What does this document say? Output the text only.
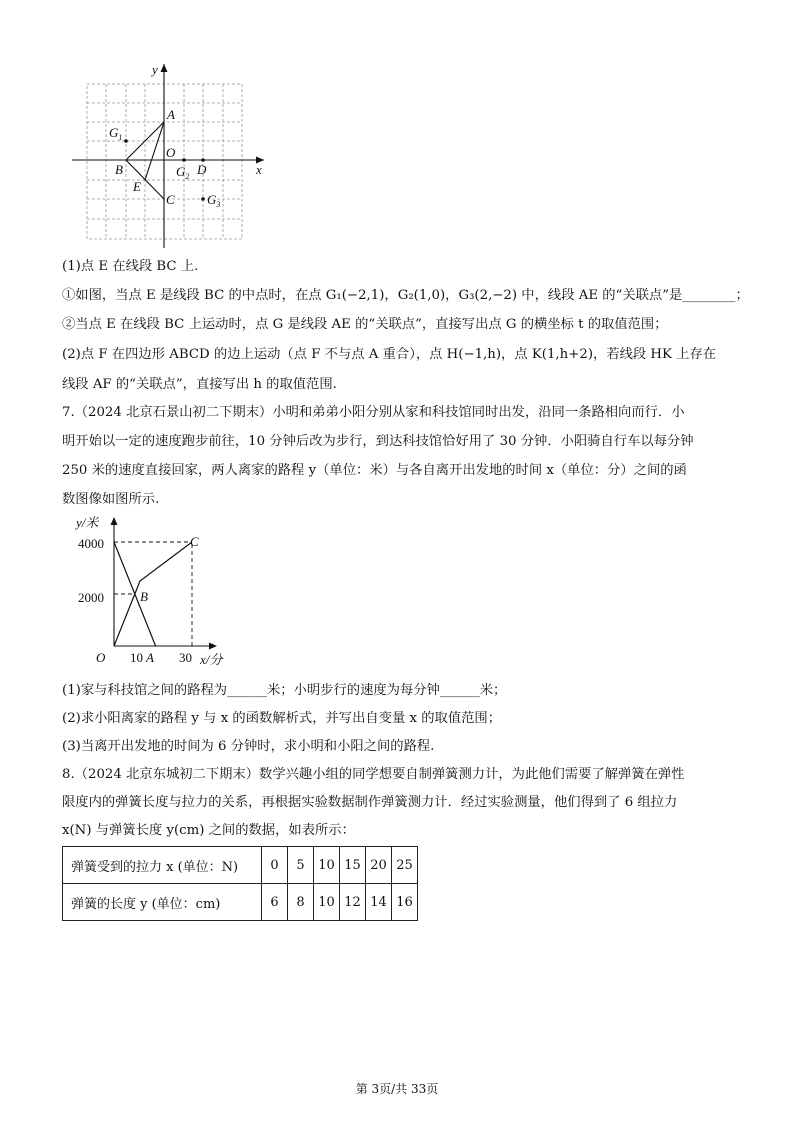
y
x
A
O
B
E
C
D
$G_1$
$G_2$
$G_3$
(1)点 E 在线段 BC 上.
①如图，当点 E 是线段 BC 的中点时，在点 G₁(−2,1)，G₂(1,0)，G₃(2,−2) 中，线段 AE 的“关联点”是________；
②当点 E 在线段 BC 上运动时，点 G 是线段 AE 的“关联点”，直接写出点 G 的横坐标 t 的取值范围；
(2)点 F 在四边形 ABCD 的边上运动（点 F 不与点 A 重合），点 H(−1,h)，点 K(1,h+2)，若线段 HK 上存在
线段 AF 的“关联点”，直接写出 h 的取值范围.
7.（2024 北京石景山初二下期末）小明和弟弟小阳分别从家和科技馆同时出发，沿同一条路相向而行．小
明开始以一定的速度跑步前往，10 分钟后改为步行，到达科技馆恰好用了 30 分钟．小阳骑自行车以每分钟
250 米的速度直接回家，两人离家的路程 y（单位：米）与各自离开出发地的时间 x（单位：分）之间的函
数图像如图所示.
y/米
x/分
O
4000
2000
10	30
A
B
C
(1)家与科技馆之间的路程为______米；小明步行的速度为每分钟______米；
(2)求小阳离家的路程 y 与 x 的函数解析式，并写出自变量 x 的取值范围；
(3)当离开出发地的时间为 6 分钟时，求小明和小阳之间的路程.
8.（2024 北京东城初二下期末）数学兴趣小组的同学想要自制弹簧测力计，为此他们需要了解弹簧在弹性
限度内的弹簧长度与拉力的关系，再根据实验数据制作弹簧测力计．经过实验测量，他们得到了 6 组拉力
x(N) 与弹簧长度 y(cm) 之间的数据，如表所示：
弹簧受到的拉力 x (单位：N)	0	5	10	15	20	25
弹簧的长度 y (单位：cm)	6	8	10	12	14	16
第 3页/共 33页
